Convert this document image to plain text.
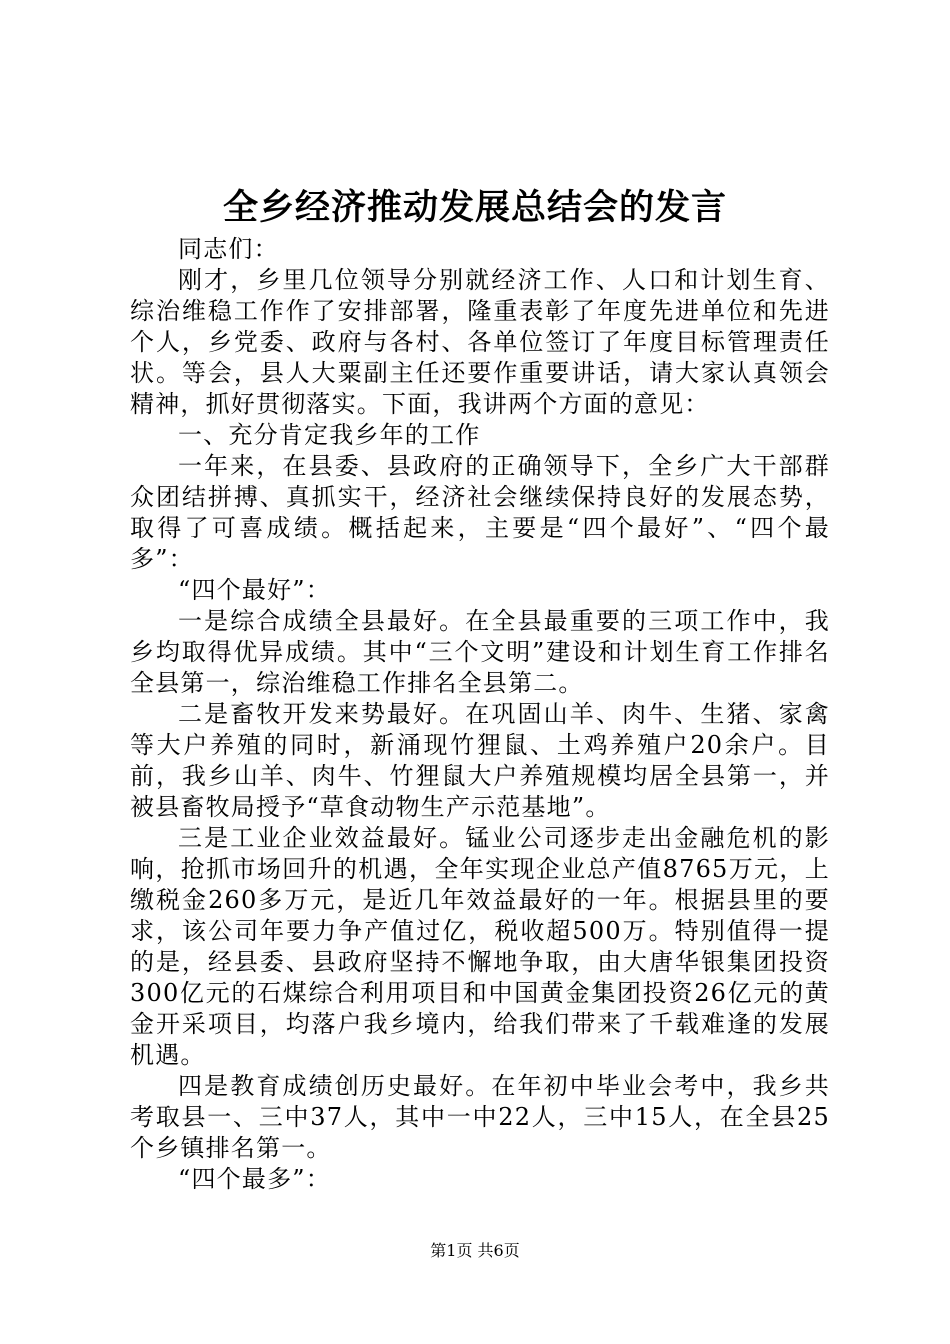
全乡经济推动发展总结会的发言

同志们：

刚才，乡里几位领导分别就经济工作、人口和计划生育、综治维稳工作作了安排部署，隆重表彰了年度先进单位和先进个人，乡党委、政府与各村、各单位签订了年度目标管理责任状。等会，县人大粟副主任还要作重要讲话，请大家认真领会精神，抓好贯彻落实。下面，我讲两个方面的意见：

一、充分肯定我乡年的工作

一年来，在县委、县政府的正确领导下，全乡广大干部群众团结拼搏、真抓实干，经济社会继续保持良好的发展态势，取得了可喜成绩。概括起来，主要是“四个最好”、“四个最多”：

“四个最好”：

一是综合成绩全县最好。在全县最重要的三项工作中，我乡均取得优异成绩。其中“三个文明”建设和计划生育工作排名全县第一，综治维稳工作排名全县第二。

二是畜牧开发来势最好。在巩固山羊、肉牛、生猪、家禽等大户养殖的同时，新涌现竹狸鼠、土鸡养殖户20余户。目前，我乡山羊、肉牛、竹狸鼠大户养殖规模均居全县第一，并被县畜牧局授予“草食动物生产示范基地”。

三是工业企业效益最好。锰业公司逐步走出金融危机的影响，抢抓市场回升的机遇，全年实现企业总产值8765万元，上缴税金260多万元，是近几年效益最好的一年。根据县里的要求，该公司年要力争产值过亿，税收超500万。特别值得一提的是，经县委、县政府坚持不懈地争取，由大唐华银集团投资300亿元的石煤综合利用项目和中国黄金集团投资26亿元的黄金开采项目，均落户我乡境内，给我们带来了千载难逢的发展机遇。

四是教育成绩创历史最好。在年初中毕业会考中，我乡共考取县一、三中37人，其中一中22人，三中15人，在全县25个乡镇排名第一。

“四个最多”：

第1页 共6页
